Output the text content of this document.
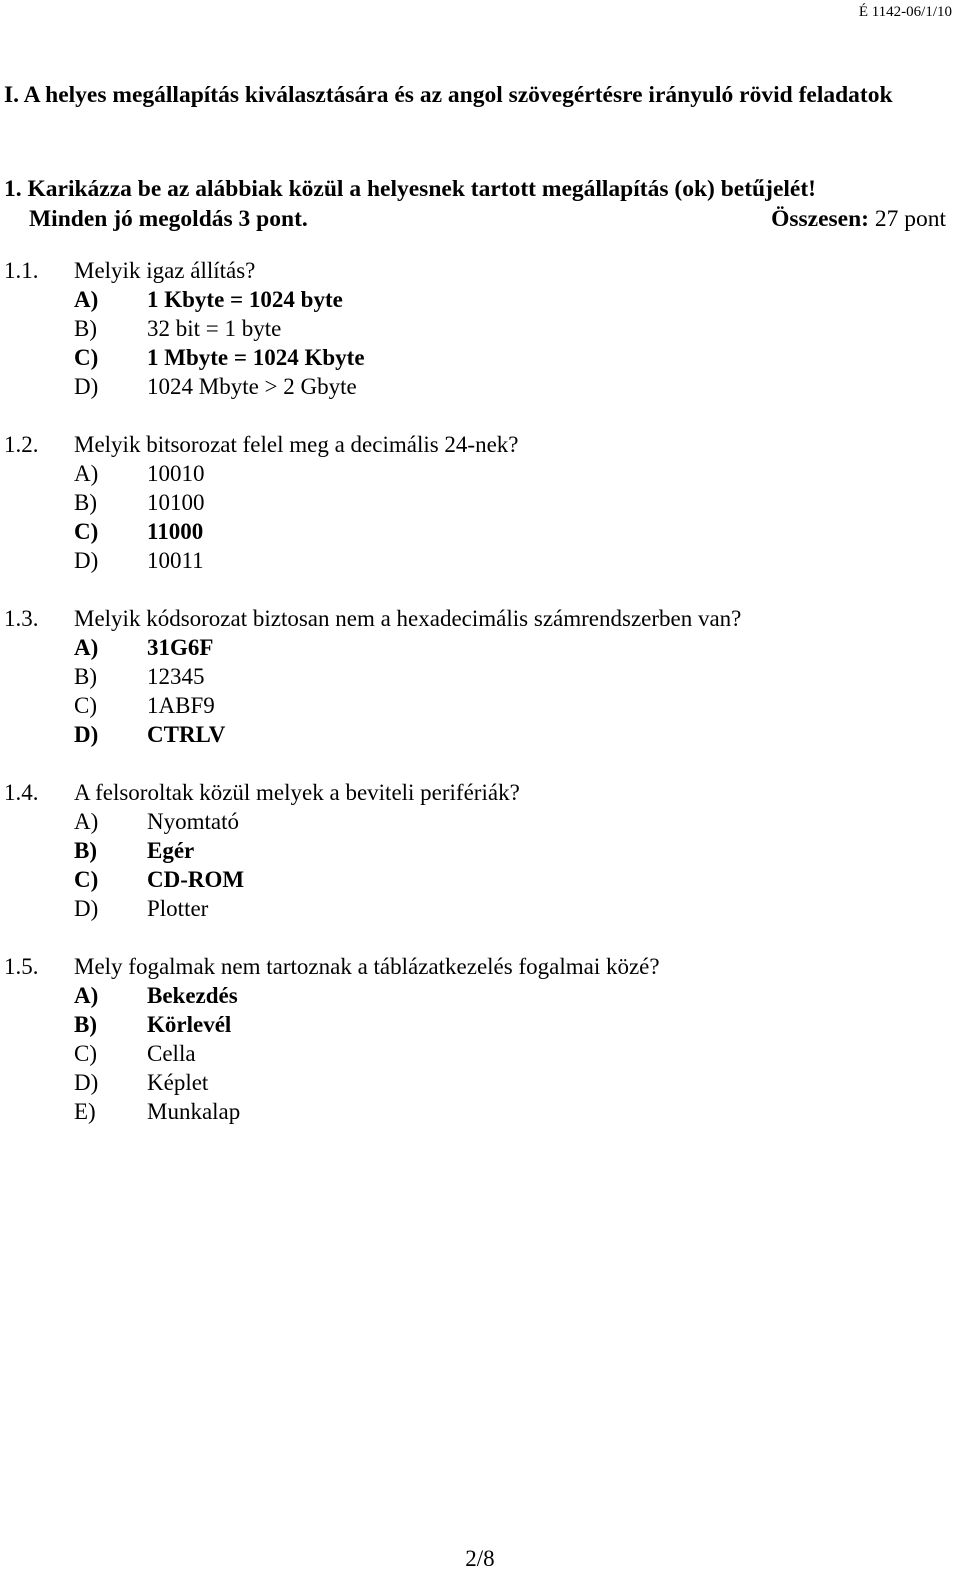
É 1142-06/1/10
I. A helyes megállapítás kiválasztására és az angol szövegértésre irányuló rövid feladatok
1. Karikázza be az alábbiak közül a helyesnek tartott megállapítás (ok) betűjelét!
Minden jó megoldás 3 pont.	Összesen: 27 pont
1.1.	Melyik igaz állítás?
A)	1 Kbyte = 1024 byte
B)	32 bit = 1 byte
C)	1 Mbyte = 1024 Kbyte
D)	1024 Mbyte > 2 Gbyte
1.2.	Melyik bitsorozat felel meg a decimális 24-nek?
A)	10010
B)	10100
C)	11000
D)	10011
1.3.	Melyik kódsorozat biztosan nem a hexadecimális számrendszerben van?
A)	31G6F
B)	12345
C)	1ABF9
D)	CTRLV
1.4.	A felsoroltak közül melyek a beviteli perifériák?
A)	Nyomtató
B)	Egér
C)	CD-ROM
D)	Plotter
1.5.	Mely fogalmak nem tartoznak a táblázatkezelés fogalmai közé?
A)	Bekezdés
B)	Körlevél
C)	Cella
D)	Képlet
E)	Munkalap
2/8
